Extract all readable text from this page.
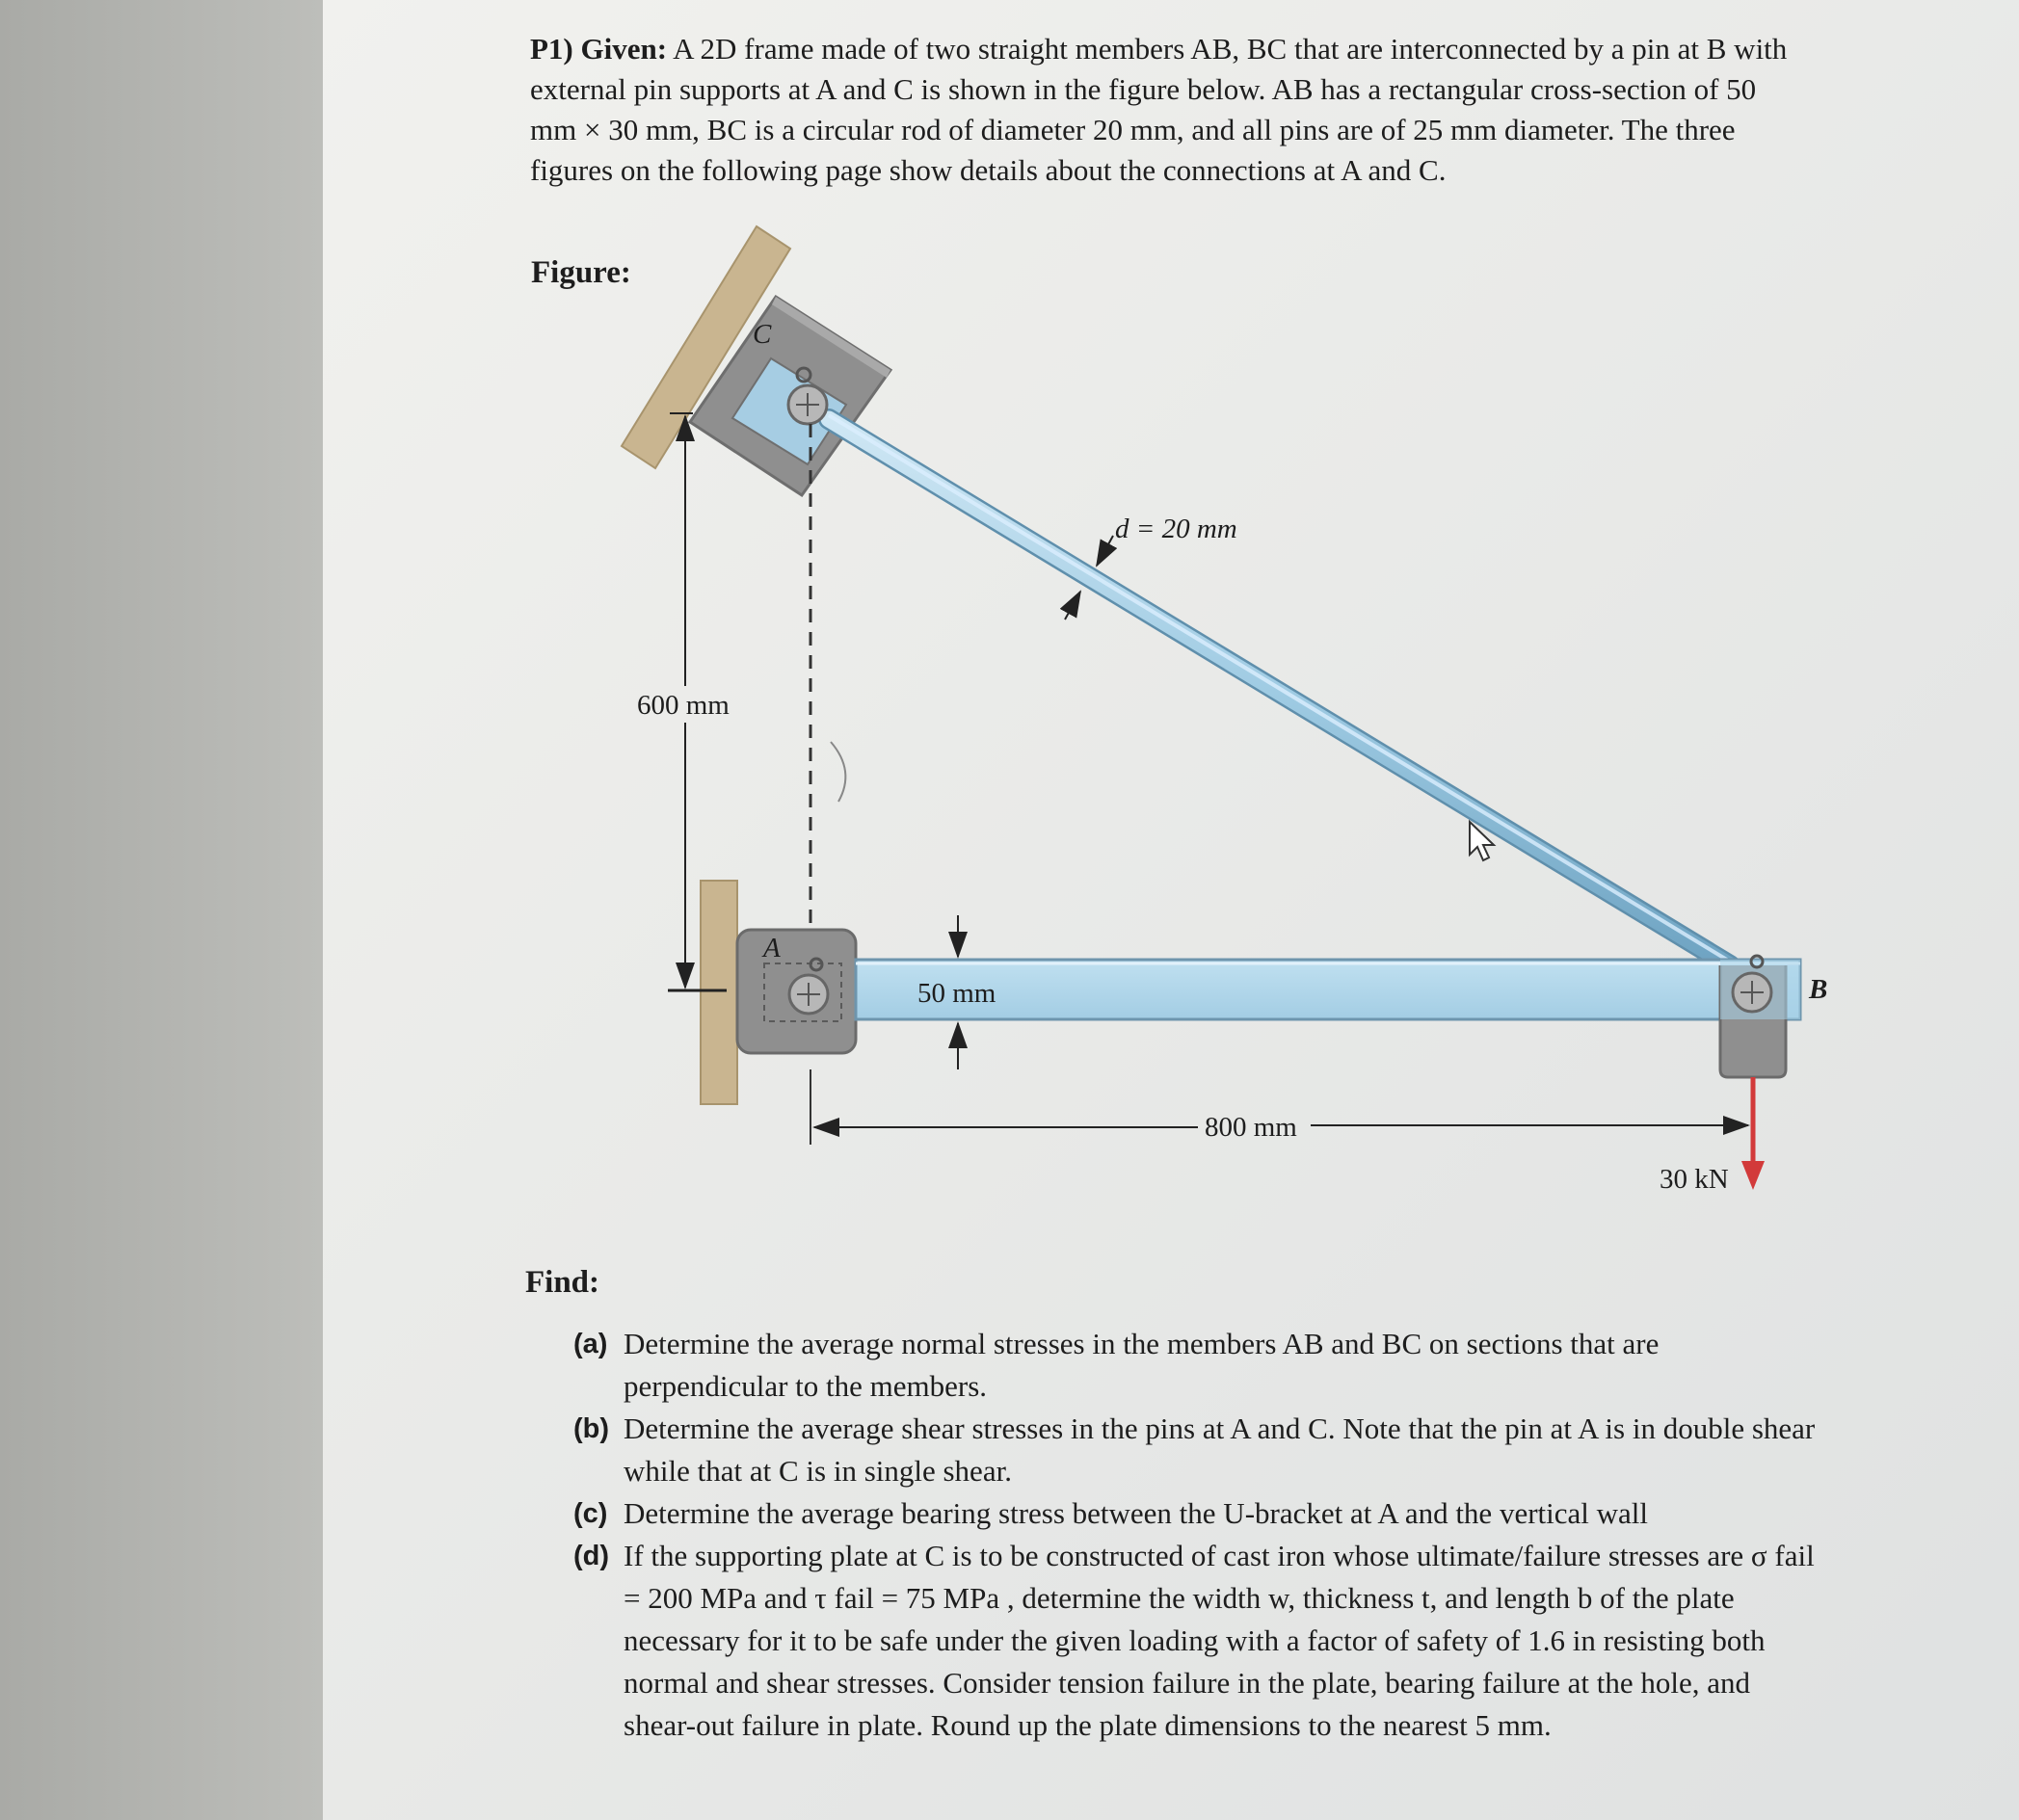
P1) Given: A 2D frame made of two straight members AB, BC that are interconnected by a pin at B with external pin supports at A and C is shown in the figure below. AB has a rectangular cross-section of 50 mm × 30 mm, BC is a circular rod of diameter 20 mm, and all pins are of 25 mm diameter. The three figures on the following page show details about the connections at A and C.

Figure:
C
A
B
30 kN
600 mm
d = 20 mm
50 mm
800 mm
Find:
(a) Determine the average normal stresses in the members AB and BC on sections that are perpendicular to the members.
(b) Determine the average shear stresses in the pins at A and C. Note that the pin at A is in double shear while that at C is in single shear.
(c) Determine the average bearing stress between the U-bracket at A and the vertical wall
(d) If the supporting plate at C is to be constructed of cast iron whose ultimate/failure stresses are σ fail = 200 MPa and τ fail = 75 MPa , determine the width w, thickness t, and length b of the plate necessary for it to be safe under the given loading with a factor of safety of 1.6 in resisting both normal and shear stresses. Consider tension failure in the plate, bearing failure at the hole, and shear-out failure in plate. Round up the plate dimensions to the nearest 5 mm.
